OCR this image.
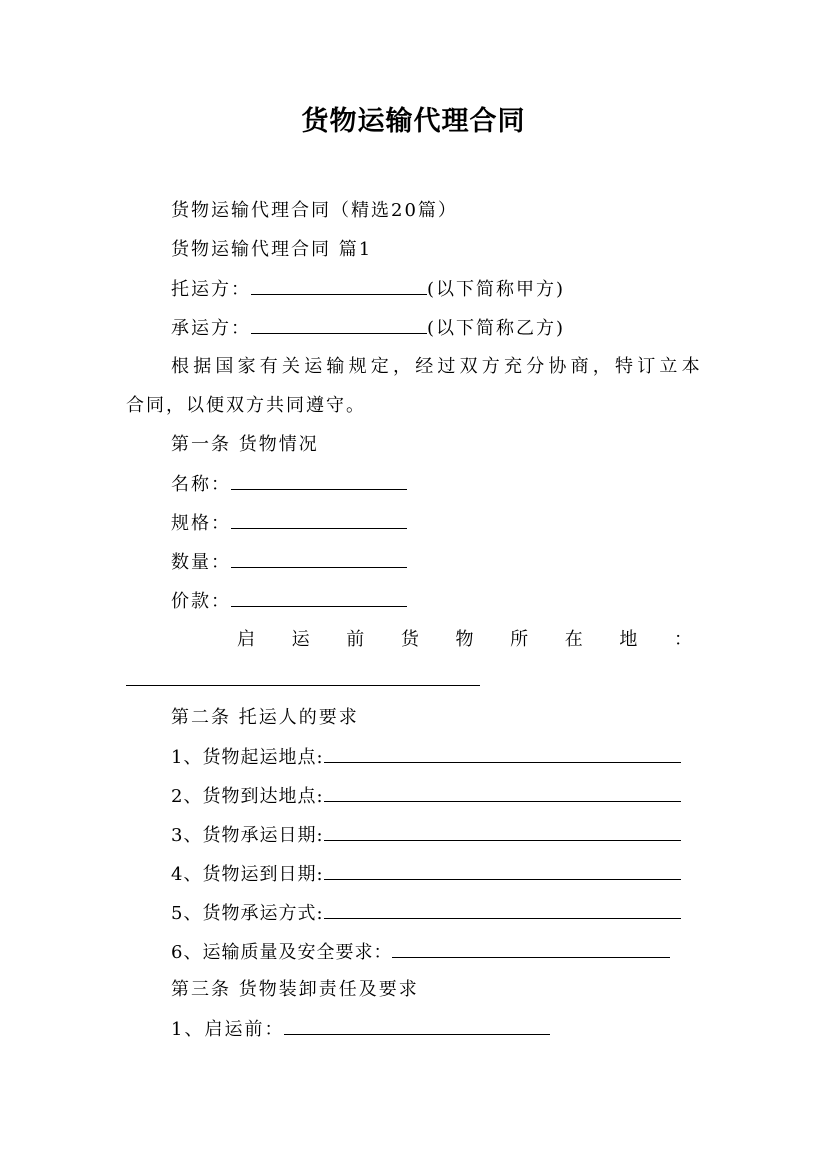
货物运输代理合同
货物运输代理合同（精选20篇）
货物运输代理合同 篇1
托运方：	(以下简称甲方)
承运方：	(以下简称乙方)
根据国家有关运输规定，经过双方充分协商，特订立本
合同，以便双方共同遵守。
第一条 货物情况
名称：
规格：
数量：
价款：
启 运 前 货 物 所 在 地 ：
第二条 托运人的要求
1、货物起运地点:
2、货物到达地点:
3、货物承运日期:
4、货物运到日期:
5、货物承运方式:
6、运输质量及安全要求：
第三条 货物装卸责任及要求
1、启运前：
